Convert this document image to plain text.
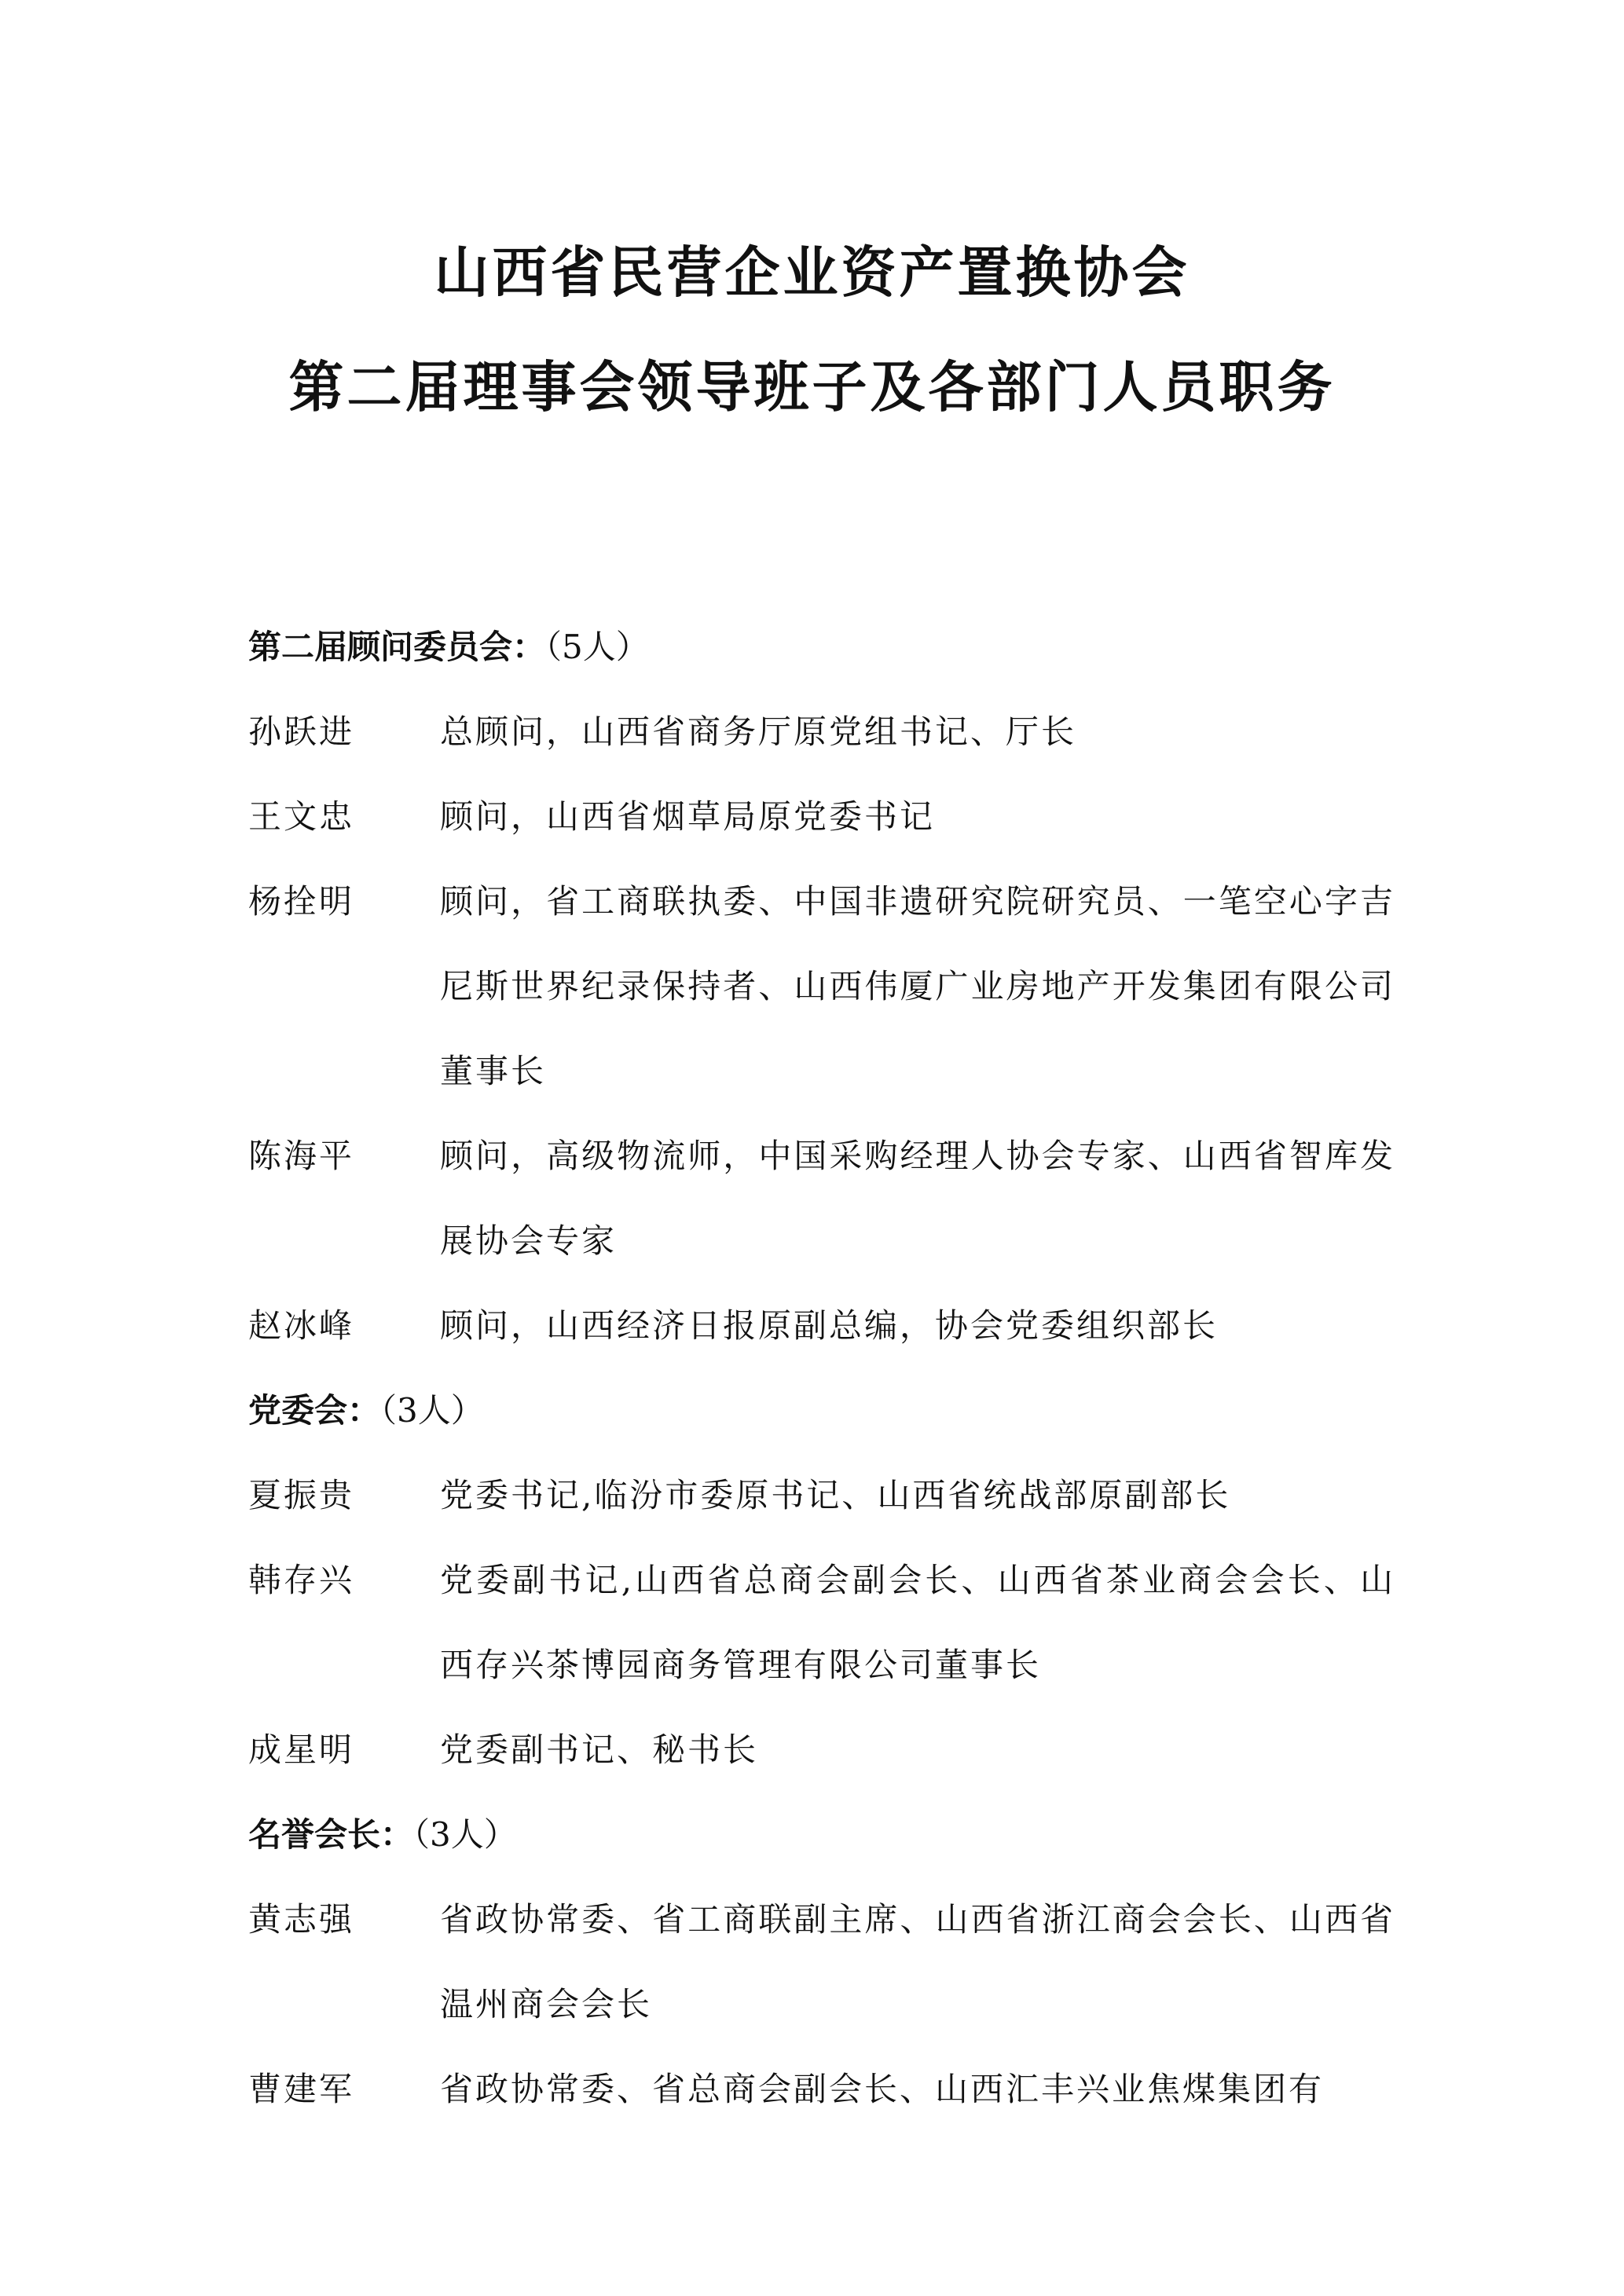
山西省民营企业资产置换协会
第二届理事会领导班子及各部门人员职务
第二届顾问委员会：（5人）
孙跃进	总顾问，山西省商务厅原党组书记、厅长
王文忠	顾问，山西省烟草局原党委书记
杨拴明	顾问，省工商联执委、中国非遗研究院研究员、一笔空心字吉尼斯世界纪录保持者、山西伟厦广业房地产开发集团有限公司董事长
陈海平	顾问，高级物流师，中国采购经理人协会专家、山西省智库发展协会专家
赵冰峰	顾问，山西经济日报原副总编，协会党委组织部长
党委会：（3人）
夏振贵	党委书记,临汾市委原书记、山西省统战部原副部长
韩存兴	党委副书记,山西省总商会副会长、山西省茶业商会会长、山西存兴茶博园商务管理有限公司董事长
成星明	党委副书记、秘书长
名誉会长：（3人）
黄志强	省政协常委、省工商联副主席、山西省浙江商会会长、山西省温州商会会长
曹建军	省政协常委、省总商会副会长、山西汇丰兴业焦煤集团有
